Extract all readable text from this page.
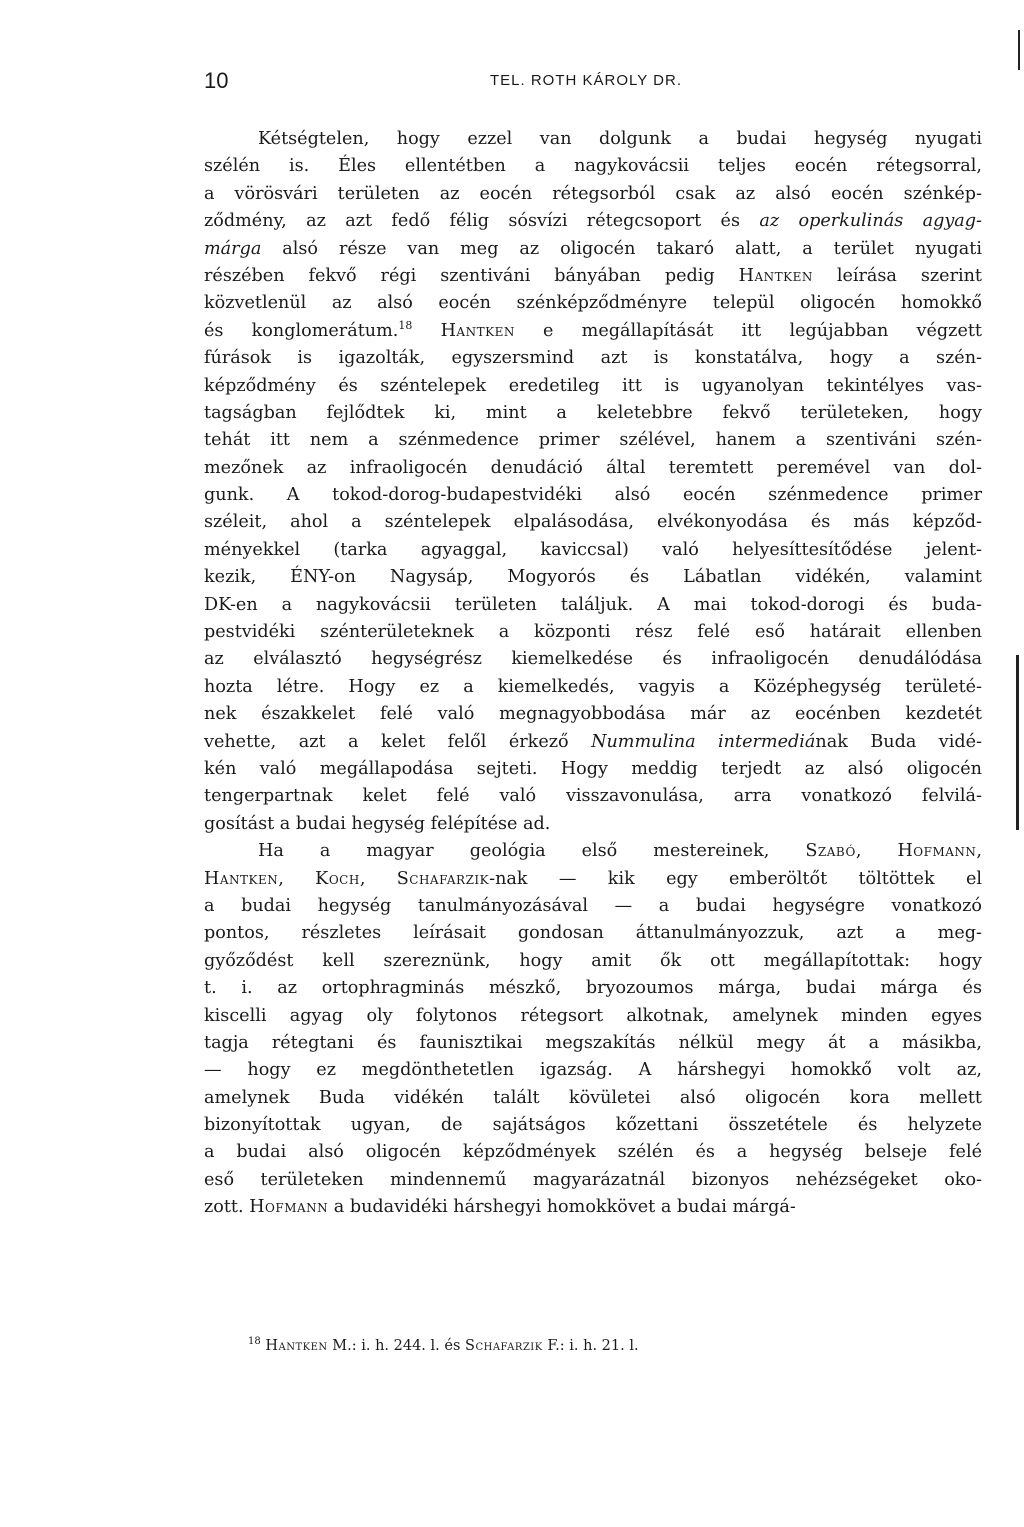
10	TEL. ROTH KÁROLY DR.
Kétségtelen, hogy ezzel van dolgunk a budai hegység nyugati
szélén is. Éles ellentétben a nagykovácsii teljes eocén rétegsorral,
a vörösvári területen az eocén rétegsorból csak az alsó eocén szénkép-
ződmény, az azt fedő félig sósvízi rétegcsoport és az operkulinás agyag-
márga alsó része van meg az oligocén takaró alatt, a terület nyugati
részében fekvő régi szentiváni bányában pedig Hantken leírása szerint
közvetlenül az alsó eocén szénképződményre települ oligocén homokkő
és konglomerátum.$^{18}$ Hantken e megállapítását itt legújabban végzett
fúrások is igazolták, egyszersmind azt is konstatálva, hogy a szén-
képződmény és széntelepek eredetileg itt is ugyanolyan tekintélyes vas-
tagságban fejlődtek ki, mint a keletebbre fekvő területeken, hogy
tehát itt nem a szénmedence primer szélével, hanem a szentiváni szén-
mezőnek az infraoligocén denudáció által teremtett peremével van dol-
gunk. A tokod-dorog-budapestvidéki alsó eocén szénmedence primer
széleit, ahol a széntelepek elpalásodása, elvékonyodása és más képződ-
ményekkel (tarka agyaggal, kaviccsal) való helyesíttesítődése jelent-
kezik, ÉNY-on Nagysáp, Mogyorós és Lábatlan vidékén, valamint
DK-en a nagykovácsii területen találjuk. A mai tokod-dorogi és buda-
pestvidéki szénterületeknek a központi rész felé eső határait ellenben
az elválasztó hegységrész kiemelkedése és infraoligocén denudálódása
hozta létre. Hogy ez a kiemelkedés, vagyis a Középhegység területé-
nek északkelet felé való megnagyobbodása már az eocénben kezdetét
vehette, azt a kelet felől érkező Nummulina intermediának Buda vidé-
kén való megállapodása sejteti. Hogy meddig terjedt az alsó oligocén
tengerpartnak kelet felé való visszavonulása, arra vonatkozó felvilá-
gosítást a budai hegység felépítése ad.
Ha a magyar geológia első mestereinek, Szabó, Hofmann,
Hantken, Koch, Schafarzik-nak — kik egy emberöltőt töltöttek el
a budai hegység tanulmányozásával — a budai hegységre vonatkozó
pontos, részletes leírásait gondosan áttanulmányozzuk, azt a meg-
győződést kell szereznünk, hogy amit ők ott megállapítottak: hogy
t. i. az ortophragminás mészkő, bryozoumos márga, budai márga és
kiscelli agyag oly folytonos rétegsort alkotnak, amelynek minden egyes
tagja rétegtani és faunisztikai megszakítás nélkül megy át a másikba,
— hogy ez megdönthetetlen igazság. A hárshegyi homokkő volt az,
amelynek Buda vidékén talált kövületei alsó oligocén kora mellett
bizonyítottak ugyan, de sajátságos kőzettani összetétele és helyzete
a budai alsó oligocén képződmények szélén és a hegység belseje felé
eső területeken mindennemű magyarázatnál bizonyos nehézségeket oko-
zott. Hofmann a budavidéki hárshegyi homokkövet a budai márgá-
$^{18}$ Hantken M.: i. h. 244. l. és Schafarzik F.: i. h. 21. l.
